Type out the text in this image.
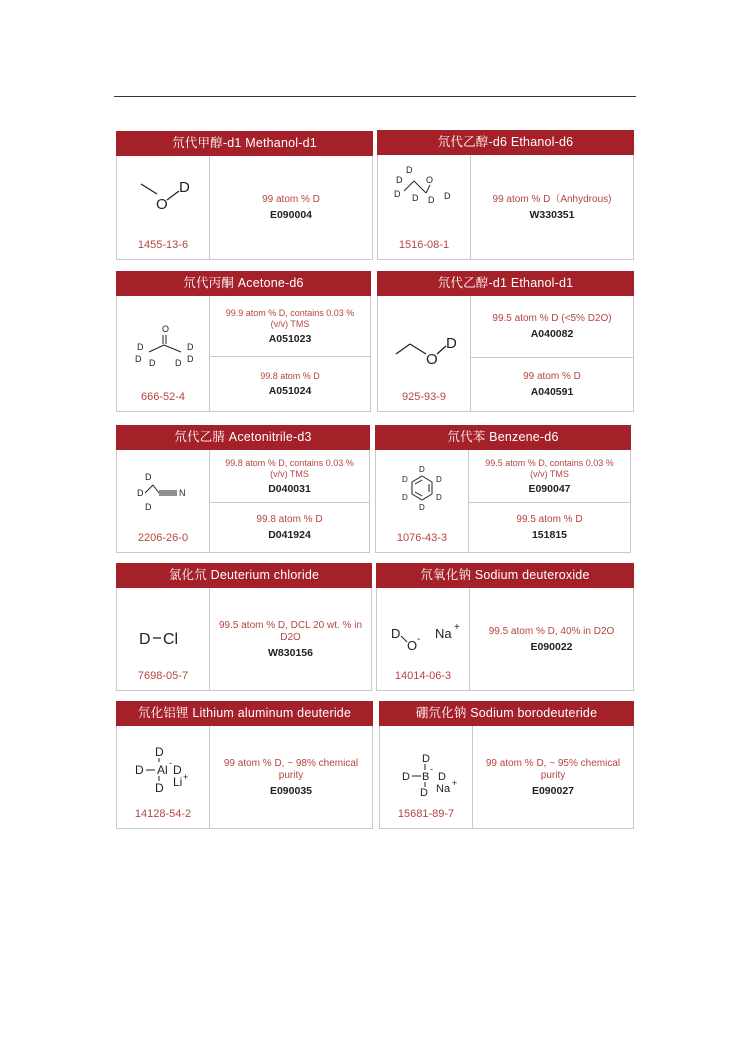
氘代甲醇-d1 Methanol-d1
O
D
1455-13-6
99 atom % D
E090004
氘代乙醇-d6 Ethanol-d6
D
D
D D D
O
D
1516-08-1
99 atom % D（Anhydrous)
W330351
氘代丙酮 Acetone-d6
O
D
D D
D
D
D
666-52-4
99.9 atom % D, contains 0.03 % (v/v) TMS
A051023
99.8 atom % D
A051024
氘代乙醇-d1 Ethanol-d1
O
D
925-93-9
99.5 atom % D (<5% D2O)
A040082
99 atom % D
A040591
氘代乙腈 Acetonitrile-d3
D
D
D
N
2206-26-0
99.8 atom % D, contains 0.03 % (v/v) TMS
D040031
99.8 atom % D
D041924
氘代苯 Benzene-d6
D
D
D
D
D
D
1076-43-3
99.5 atom % D, contains 0.03 % (v/v) TMS
E090047
99.5 atom % D
151815
氯化氘 Deuterium chloride
D Cl
7698-05-7
99.5 atom % D, DCL 20 wt. % in D2O
W830156
氘氧化钠 Sodium deuteroxide
D
O - Na +
14014-06-3
99.5 atom % D, 40% in D2O
E090022
氘化铝锂 Lithium aluminum deuteride
D
D Al D
D Li +
-
14128-54-2
99 atom % D, ~ 98% chemical purity
E090035
硼氘化钠 Sodium borodeuteride
D
D B D
D Na
-
+
15681-89-7
99 atom % D, ~ 95% chemical purity
E090027
